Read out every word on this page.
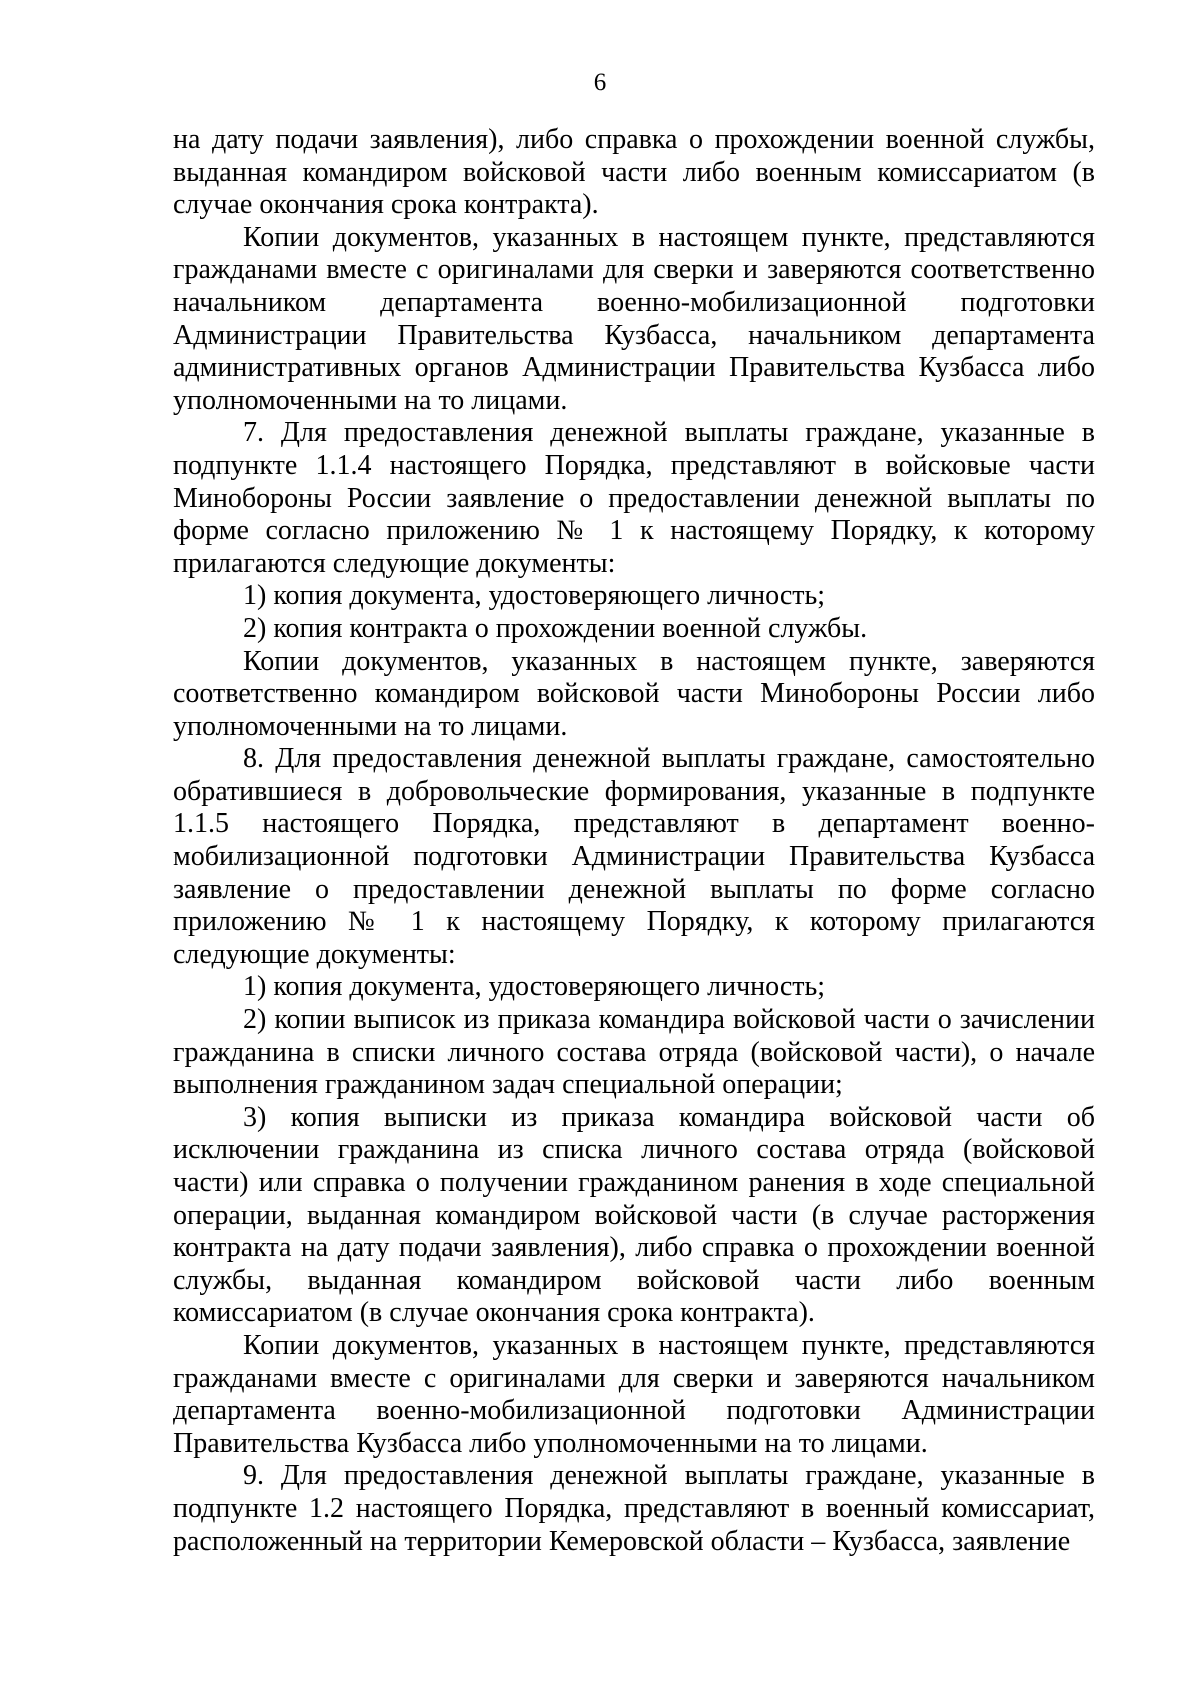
6

на дату подачи заявления), либо справка о прохождении военной службы, выданная командиром войсковой части либо военным комиссариатом (в случае окончания срока контракта).

Копии документов, указанных в настоящем пункте, представляются гражданами вместе с оригиналами для сверки и заверяются соответственно начальником департамента военно-мобилизационной подготовки Администрации Правительства Кузбасса, начальником департамента административных органов Администрации Правительства Кузбасса либо уполномоченными на то лицами.

7. Для предоставления денежной выплаты граждане, указанные в подпункте 1.1.4 настоящего Порядка, представляют в войсковые части Минобороны России заявление о предоставлении денежной выплаты по форме согласно приложению № 1 к настоящему Порядку, к которому прилагаются следующие документы:

1) копия документа, удостоверяющего личность;

2) копия контракта о прохождении военной службы.

Копии документов, указанных в настоящем пункте, заверяются соответственно командиром войсковой части Минобороны России либо уполномоченными на то лицами.

8. Для предоставления денежной выплаты граждане, самостоятельно обратившиеся в добровольческие формирования, указанные в подпункте 1.1.5 настоящего Порядка, представляют в департамент военно-мобилизационной подготовки Администрации Правительства Кузбасса заявление о предоставлении денежной выплаты по форме согласно приложению № 1 к настоящему Порядку, к которому прилагаются следующие документы:

1) копия документа, удостоверяющего личность;

2) копии выписок из приказа командира войсковой части о зачислении гражданина в списки личного состава отряда (войсковой части), о начале выполнения гражданином задач специальной операции;

3) копия выписки из приказа командира войсковой части об исключении гражданина из списка личного состава отряда (войсковой части) или справка о получении гражданином ранения в ходе специальной операции, выданная командиром войсковой части (в случае расторжения контракта на дату подачи заявления), либо справка о прохождении военной службы, выданная командиром войсковой части либо военным комиссариатом (в случае окончания срока контракта).

Копии документов, указанных в настоящем пункте, представляются гражданами вместе с оригиналами для сверки и заверяются начальником департамента военно-мобилизационной подготовки Администрации Правительства Кузбасса либо уполномоченными на то лицами.

9. Для предоставления денежной выплаты граждане, указанные в подпункте 1.2 настоящего Порядка, представляют в военный комиссариат, расположенный на территории Кемеровской области – Кузбасса, заявление
